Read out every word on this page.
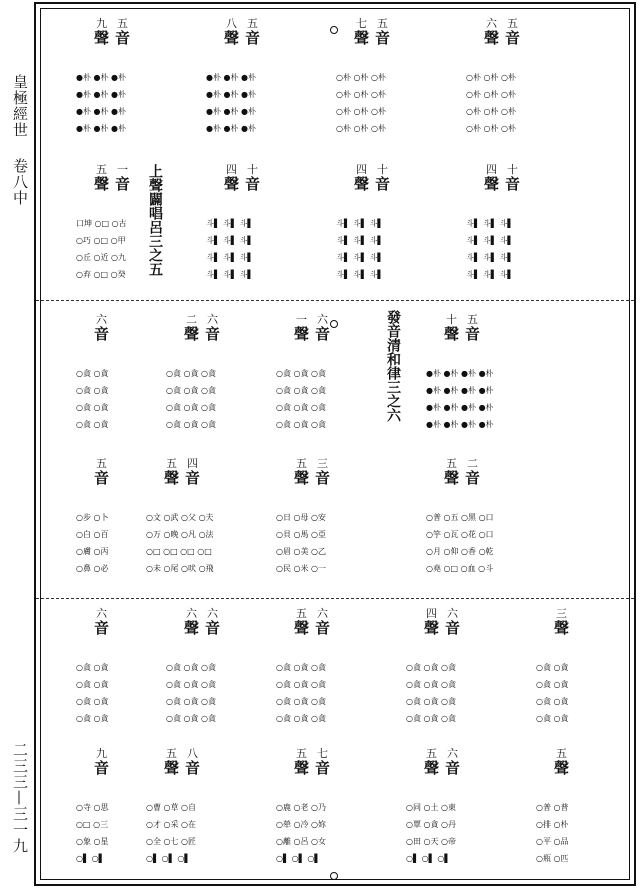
皇極經世
卷八中
二三三—三一九
上聲闢唱呂三之五
發音清和律三之六
九
聲
五
音
八
聲
五
音
七
聲
五
音
六
聲
五
音
●朴 ●朴 ●朴	●朴 ●朴 ●朴	○朴 ○朴 ○朴	○朴 ○朴 ○朴
●朴 ●朴 ●朴	●朴 ●朴 ●朴	○朴 ○朴 ○朴	○朴 ○朴 ○朴
●朴 ●朴 ●朴	●朴 ●朴 ●朴	○朴 ○朴 ○朴	○朴 ○朴 ○朴
●朴 ●朴 ●朴	●朴 ●朴 ●朴	○朴 ○朴 ○朴	○朴 ○朴 ○朴
五
聲
一
音
四
聲
十
音
四
聲
十
音
四
聲
十
音
口坤 ○□ ○古	斗▌ 斗▌ 斗▌	斗▌ 斗▌ 斗▌	斗▌ 斗▌ 斗▌
○巧 ○□ ○甲	斗▌ 斗▌ 斗▌	斗▌ 斗▌ 斗▌	斗▌ 斗▌ 斗▌
○丘 ○近 ○九	斗▌ 斗▌ 斗▌	斗▌ 斗▌ 斗▌	斗▌ 斗▌ 斗▌
○弃 ○□ ○癸	斗▌ 斗▌ 斗▌	斗▌ 斗▌ 斗▌	斗▌ 斗▌ 斗▌
六
音
二
聲
六
音
一
聲
六
音
十
聲
五
音
○貪 ○貪	○貪 ○貪 ○貪	○貪 ○貪 ○貪	●朴 ●朴 ●朴 ●朴
○貪 ○貪	○貪 ○貪 ○貪	○貪 ○貪 ○貪	●朴 ●朴 ●朴 ●朴
○貪 ○貪	○貪 ○貪 ○貪	○貪 ○貪 ○貪	●朴 ●朴 ●朴 ●朴
○貪 ○貪	○貪 ○貪 ○貪	○貪 ○貪 ○貪	●朴 ●朴 ●朴 ●朴
五
音
五
聲
四
音
五
聲
三
音
五
聲
二
音
○步 ○卜	○文 ○武 ○父 ○夫	○日 ○母 ○安	○普 ○五 ○黑 ○口
○白 ○百	○万 ○晚 ○凡 ○法	○貝 ○馬 ○亞	○竽 ○瓦 ○花 ○口
○膚 ○丙	○□ ○□ ○□ ○□	○眉 ○美 ○乙	○月 ○仰 ○香 ○乾
○鼻 ○必	○未 ○尾 ○吠 ○飛	○民 ○米 ○一	○堯 ○□ ○血 ○斗
六
音
六
聲
六
音
五
聲
六
音
四
聲
六
音
三
聲
○貪 ○貪	○貪 ○貪 ○貪	○貪 ○貪 ○貪	○貪 ○貪 ○貪	○貪 ○貪
○貪 ○貪	○貪 ○貪 ○貪	○貪 ○貪 ○貪	○貪 ○貪 ○貪	○貪 ○貪
○貪 ○貪	○貪 ○貪 ○貪	○貪 ○貪 ○貪	○貪 ○貪 ○貪	○貪 ○貪
○貪 ○貪	○貪 ○貪 ○貪	○貪 ○貪 ○貪	○貪 ○貪 ○貪	○貪 ○貪
九
音
五
聲
八
音
五
聲
七
音
五
聲
六
音
五
聲
○寺 ○思	○曹 ○草 ○自	○鹿 ○老 ○乃	○同 ○土 ○東	○普 ○普
○□ ○三	○才 ○采 ○在	○犖 ○冷 ○妳	○覃 ○貪 ○丹	○排 ○朴
○象 ○星	○全 ○七 ○匠	○離 ○呂 ○女	○田 ○天 ○帝	○平 ○品
○▌ ○▌	○▌ ○▌ ○▌	○▌ ○▌ ○▌	○▌ ○▌ ○▌	○瓶 ○匹
